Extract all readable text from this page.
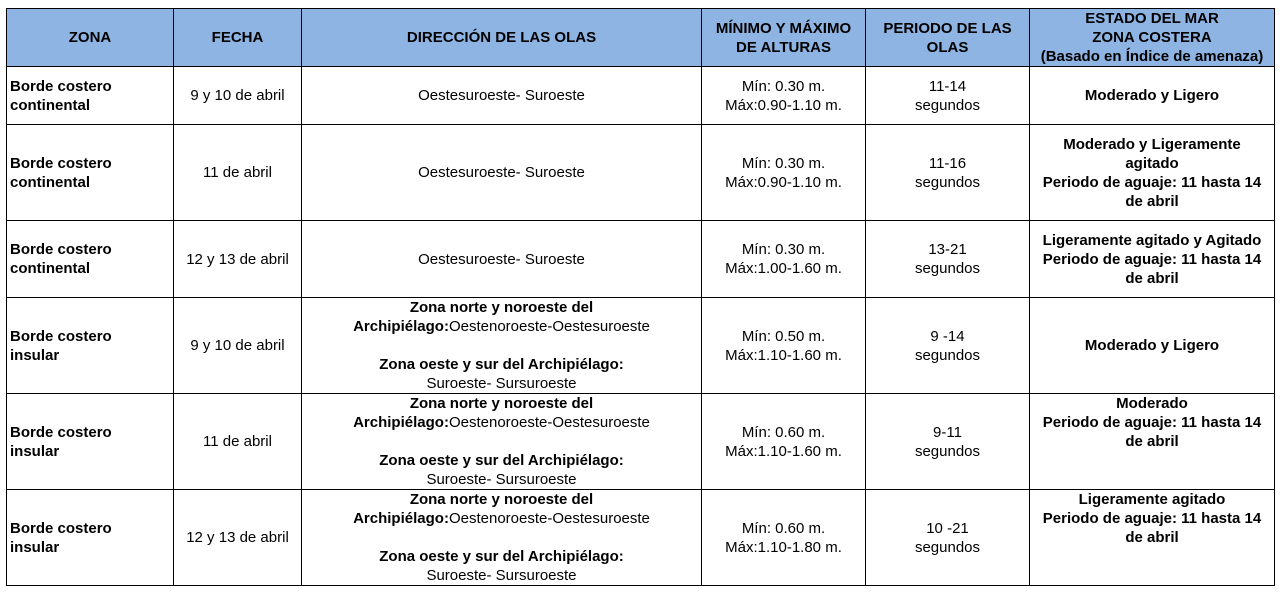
ZONA	FECHA	DIRECCIÓN DE LAS OLAS	MÍNIMO Y MÁXIMO
DE ALTURAS	PERIODO DE LAS
OLAS	ESTADO DEL MAR
ZONA COSTERA
(Basado en Índice de amenaza)

Borde costero
continental	9 y 10 de abril	Oestesuroeste- Suroeste	Mín: 0.30 m.
Máx:0.90-1.10 m.	11-14
segundos	Moderado y Ligero

Borde costero
continental	11 de abril	Oestesuroeste- Suroeste	Mín: 0.30 m.
Máx:0.90-1.10 m.	11-16
segundos	Moderado y Ligeramente
agitado
Periodo de aguaje: 11 hasta 14
de abril

Borde costero
continental	12 y 13 de abril	Oestesuroeste- Suroeste	Mín: 0.30 m.
Máx:1.00-1.60 m.	13-21
segundos	Ligeramente agitado y Agitado
Periodo de aguaje: 11 hasta 14
de abril

Borde costero
insular	9 y 10 de abril	Zona norte y noroeste del
Archipiélago:Oestenoroeste-Oestesuroeste
Zona oeste y sur del Archipiélago:
Suroeste- Sursuroeste	Mín: 0.50 m.
Máx:1.10-1.60 m.	9 -14
segundos	Moderado y Ligero

Borde costero
insular	11 de abril	Zona norte y noroeste del
Archipiélago:Oestenoroeste-Oestesuroeste
Zona oeste y sur del Archipiélago:
Suroeste- Sursuroeste	Mín: 0.60 m.
Máx:1.10-1.60 m.	9-11
segundos	Moderado
Periodo de aguaje: 11 hasta 14
de abril

Borde costero
insular	12 y 13 de abril	Zona norte y noroeste del
Archipiélago:Oestenoroeste-Oestesuroeste
Zona oeste y sur del Archipiélago:
Suroeste- Sursuroeste	Mín: 0.60 m.
Máx:1.10-1.80 m.	10 -21
segundos	Ligeramente agitado
Periodo de aguaje: 11 hasta 14
de abril
